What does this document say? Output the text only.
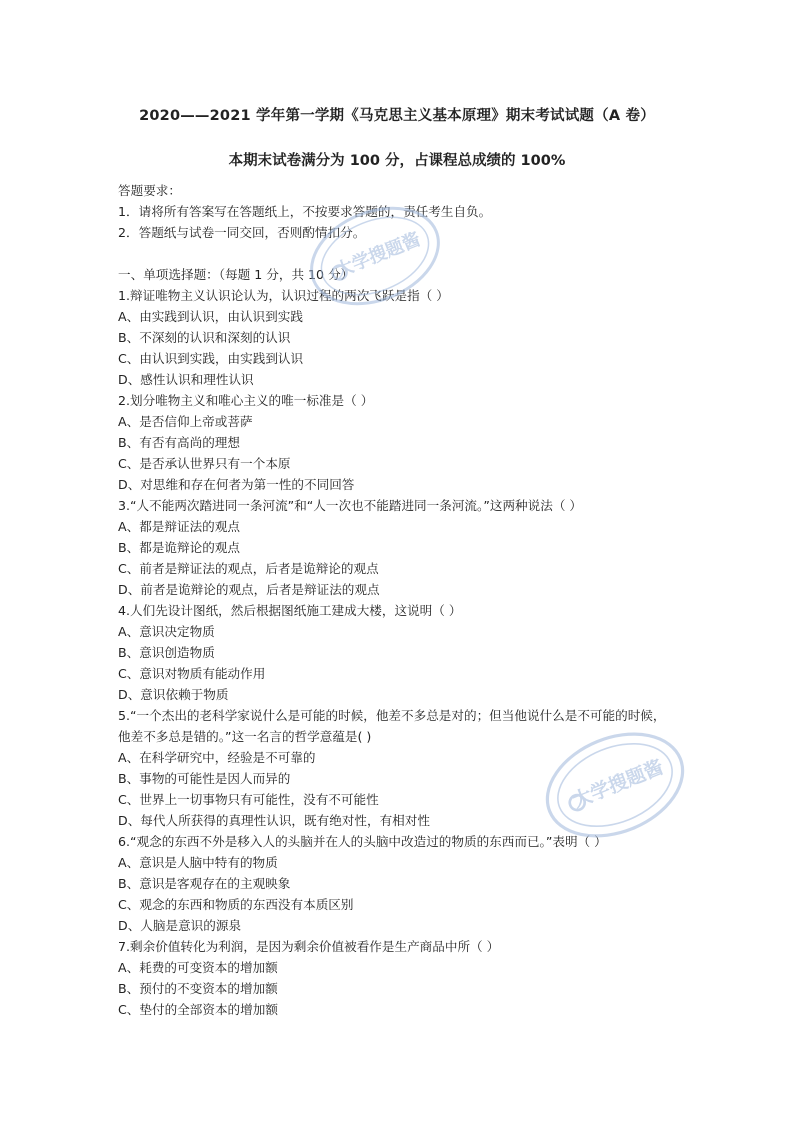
2020——2021 学年第一学期《马克思主义基本原理》期末考试试题（A 卷）
本期末试卷满分为 100 分，占课程总成绩的 100%
答题要求：
1．请将所有答案写在答题纸上，不按要求答题的，责任考生自负。
2．答题纸与试卷一同交回，否则酌情扣分。
一、单项选择题：（每题 1 分，共 10 分）
1.辩证唯物主义认识论认为，认识过程的两次飞跃是指（ ）
A、由实践到认识，由认识到实践
B、不深刻的认识和深刻的认识
C、由认识到实践，由实践到认识
D、感性认识和理性认识
2.划分唯物主义和唯心主义的唯一标准是（ ）
A、是否信仰上帝或菩萨
B、有否有高尚的理想
C、是否承认世界只有一个本原
D、对思维和存在何者为第一性的不同回答
3.“人不能两次踏进同一条河流”和“人一次也不能踏进同一条河流。”这两种说法（ ）
A、都是辩证法的观点
B、都是诡辩论的观点
C、前者是辩证法的观点，后者是诡辩论的观点
D、前者是诡辩论的观点，后者是辩证法的观点
4.人们先设计图纸，然后根据图纸施工建成大楼，这说明（ ）
A、意识决定物质
B、意识创造物质
C、意识对物质有能动作用
D、意识依赖于物质
5.“一个杰出的老科学家说什么是可能的时候，他差不多总是对的；但当他说什么是不可能的时候，他差不多总是错的。”这一名言的哲学意蕴是( )
A、在科学研究中，经验是不可靠的
B、事物的可能性是因人而异的
C、世界上一切事物只有可能性，没有不可能性
D、每代人所获得的真理性认识，既有绝对性，有相对性
6.“观念的东西不外是移入人的头脑并在人的头脑中改造过的物质的东西而已。”表明（ ）
A、意识是人脑中特有的物质
B、意识是客观存在的主观映象
C、观念的东西和物质的东西没有本质区别
D、人脑是意识的源泉
7.剩余价值转化为利润，是因为剩余价值被看作是生产商品中所（ ）
A、耗费的可变资本的增加额
B、预付的不变资本的增加额
C、垫付的全部资本的增加额
大学搜题酱
大学搜题酱
